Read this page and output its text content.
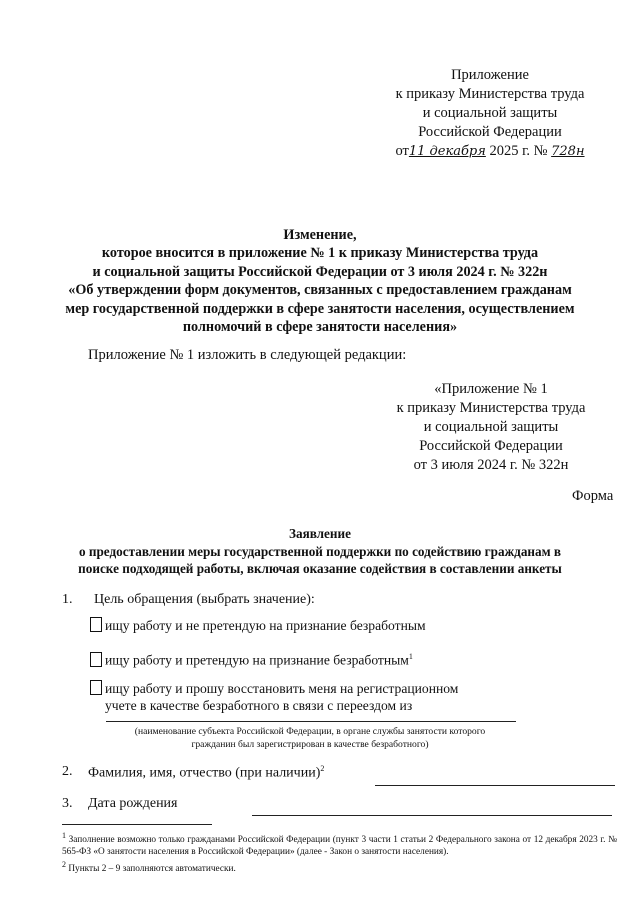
Приложение
к приказу Министерства труда
и социальной защиты
Российской Федерации
от11 декабря 2025 г. № 728н
Изменение,
которое вносится в приложение № 1 к приказу Министерства труда
и социальной защиты Российской Федерации от 3 июля 2024 г. № 322н
«Об утверждении форм документов, связанных с предоставлением гражданам
мер государственной поддержки в сфере занятости населения, осуществлением
полномочий в сфере занятости населения»
Приложение № 1 изложить в следующей редакции:
«Приложение № 1
к приказу Министерства труда
и социальной защиты
Российской Федерации
от 3 июля 2024 г. № 322н
Форма
Заявление
о предоставлении меры государственной поддержки по содействию гражданам в
поиске подходящей работы, включая оказание содействия в составлении анкеты
1. Цель обращения (выбрать значение):
ищу работу и не претендую на признание безработным
ищу работу и претендую на признание безработным$^1$
ищу работу и прошу восстановить меня на регистрационном
учете в качестве безработного в связи с переездом из
(наименование субъекта Российской Федерации, в органе службы занятости которого
гражданин был зарегистрирован в качестве безработного)
2. Фамилия, имя, отчество (при наличии)$^2$
3. Дата рождения

$^1$ Заполнение возможно только гражданами Российской Федерации (пункт 3 части 1 статьи 2 Федерального закона от 12 декабря 2023 г. № 565-ФЗ «О занятости населения в Российской Федерации» (далее - Закон о занятости населения).

$^2$ Пункты 2 – 9 заполняются автоматически.
